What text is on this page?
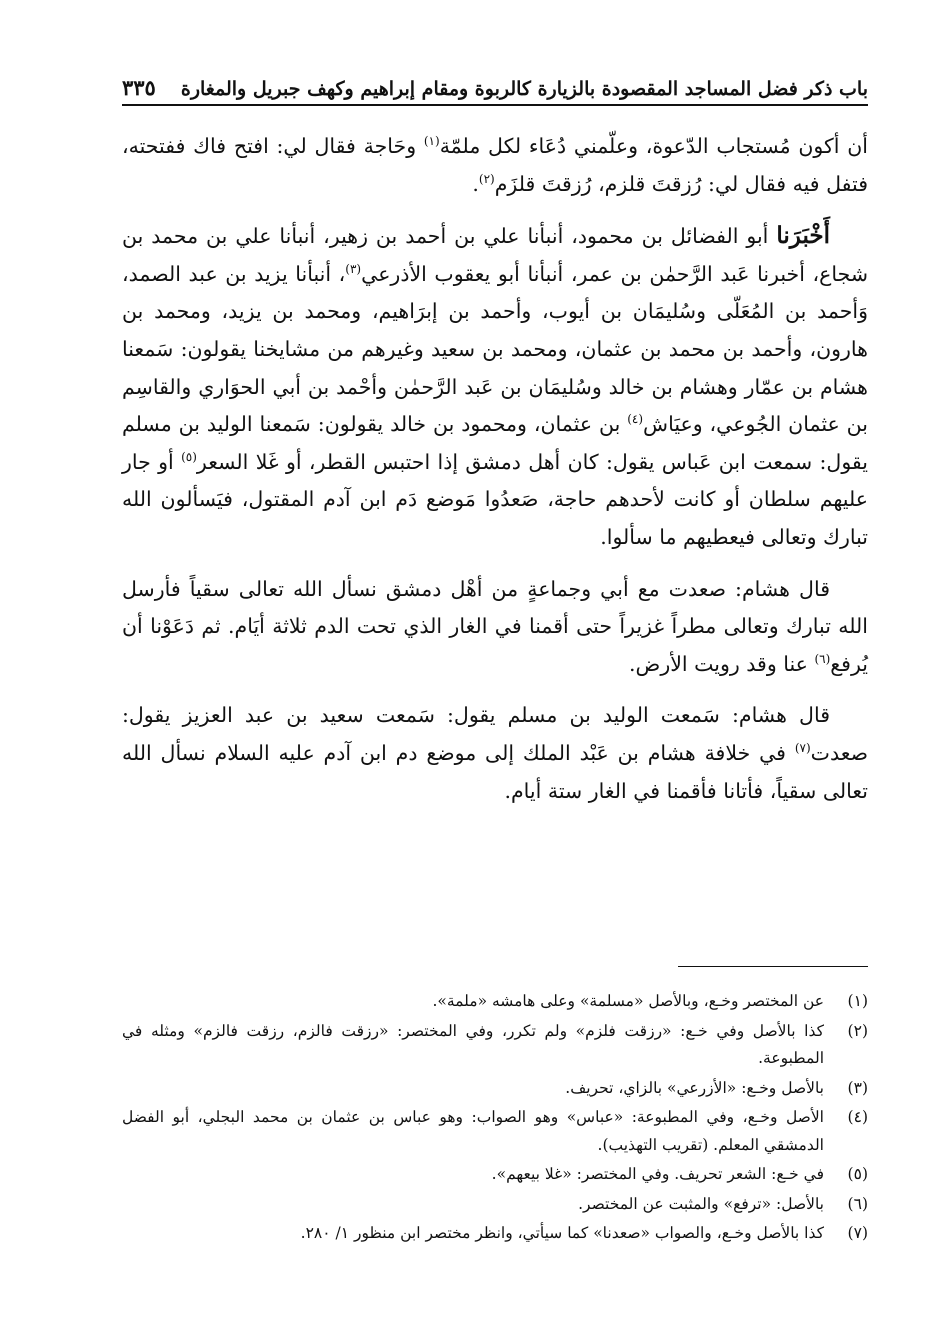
باب ذكر فضل المساجد المقصودة بالزيارة كالربوة ومقام إبراهيم وكهف جبريل والمغارة
٣٣٥

أن أكون مُستجاب الدّعوة، وعلّمني دُعَاء لكل ملمّة$^{(١)}$ وحَاجة فقال لي: افتح فاك ففتحته، فتفل فيه فقال لي: رُزقتَ قلزم، رُزقتَ قلزَم$^{(٢)}$.

أَخْبَرَنا أبو الفضائل بن محمود، أنبأنا علي بن أحمد بن زهير، أنبأنا علي بن محمد بن شجاع، أخبرنا عَبد الرَّحمٰن بن عمر، أنبأنا أبو يعقوب الأذرعي$^{(٣)}$، أنبأنا يزيد بن عبد الصمد، وَأحمد بن المُعَلّى وسُليمَان بن أيوب، وأحمد بن إبرَاهيم، ومحمد بن يزيد، ومحمد بن هارون، وأحمد بن محمد بن عثمان، ومحمد بن سعيد وغيرهم من مشايخنا يقولون: سَمعنا هشام بن عمّار وهشام بن خالد وسُليمَان بن عَبد الرَّحمٰن وأحْمد بن أبي الحوَاري والقاسِم بن عثمان الجُوعي، وعيَاش$^{(٤)}$ بن عثمان، ومحمود بن خالد يقولون: سَمعنا الوليد بن مسلم يقول: سمعت ابن عَباس يقول: كان أهل دمشق إذا احتبس القطر، أو غَلا السعر$^{(٥)}$ أو جار عليهم سلطان أو كانت لأحدهم حاجة، صَعدُوا مَوضع دَم ابن آدم المقتول، فيَسألون الله تبارك وتعالى فيعطيهم ما سألوا.

قال هشام: صعدت مع أبي وجماعةٍ من أهْل دمشق نسأل الله تعالى سقياً فأرسل الله تبارك وتعالى مطراً غزيراً حتى أقمنا في الغار الذي تحت الدم ثلاثة أيَام. ثم دَعَوْنا أن يُرفع$^{(٦)}$ عنا وقد رويت الأرض.

قال هشام: سَمعت الوليد بن مسلم يقول: سَمعت سعيد بن عبد العزيز يقول: صعدت$^{(٧)}$ في خلافة هشام بن عَبْد الملك إلى موضع دم ابن آدم عليه السلام نسأل الله تعالى سقياً، فأتانا فأقمنا في الغار ستة أيام.

(١)
عن المختصر وخـع، وبالأصل «مسلمة» وعلى هامشه «ملمة».
(٢)
كذا بالأصل وفي خـع: «رزقت فلزم» ولم تكرر، وفي المختصر: «رزقت فالزم، رزقت فالزم» ومثله في المطبوعة.
(٣)
بالأصل وخـع: «الأزرعي» بالزاي، تحريف.
(٤)
الأصل وخـع، وفي المطبوعة: «عباس» وهو الصواب: وهو عباس بن عثمان بن محمد البجلي، أبو الفضل الدمشقي المعلم. (تقريب التهذيب).
(٥)
في خـع: الشعر تحريف. وفي المختصر: «غلا بيعهم».
(٦)
بالأصل: «ترفع» والمثبت عن المختصر.
(٧)
كذا بالأصل وخـع، والصواب «صعدنا» كما سيأتي، وانظر مختصر ابن منظور ١/ ٢٨٠.
